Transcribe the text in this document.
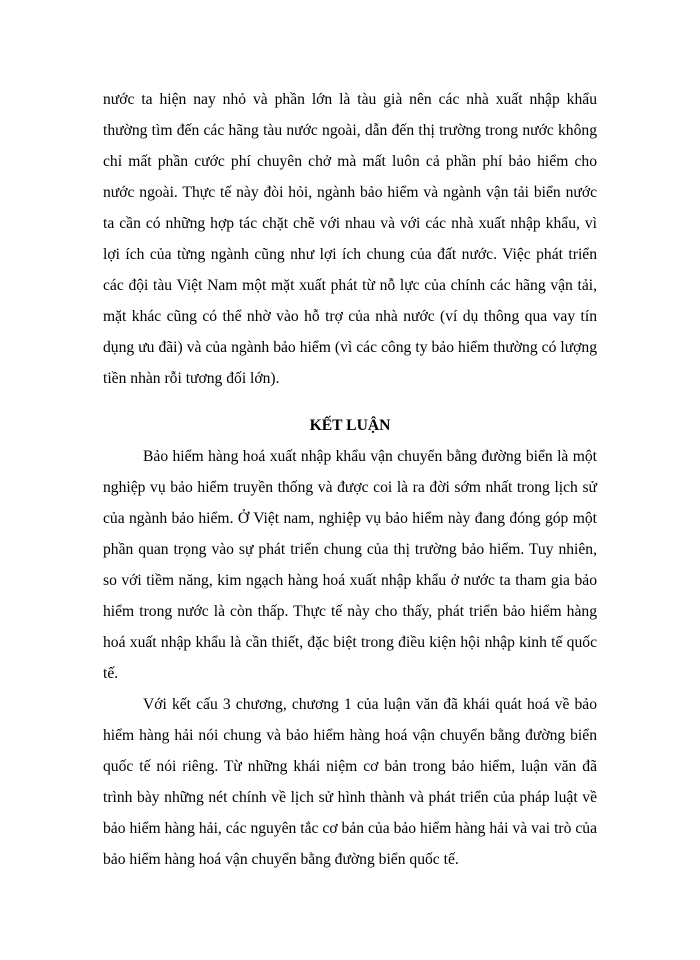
nước ta hiện nay nhỏ và phần lớn là tàu già nên các nhà xuất nhập khẩu thường tìm đến các hãng tàu nước ngoài, dẫn đến thị trường trong nước không chỉ mất phần cước phí chuyên chở mà mất luôn cả phần phí bảo hiểm cho nước ngoài. Thực tế này đòi hỏi, ngành bảo hiểm và ngành vận tải biển nước ta cần có những hợp tác chặt chẽ với nhau và với các nhà xuất nhập khẩu, vì lợi ích của từng ngành cũng như lợi ích chung của đất nước. Việc phát triển các đội tàu Việt Nam một mặt xuất phát từ nỗ lực của chính các hãng vận tải, mặt khác cũng có thể nhờ vào hỗ trợ của nhà nước (ví dụ thông qua vay tín dụng ưu đãi) và của ngành bảo hiểm (vì các công ty bảo hiểm thường có lượng tiền nhàn rỗi tương đối lớn).

KẾT LUẬN

Bảo hiểm hàng hoá xuất nhập khẩu vận chuyển bằng đường biển là một nghiệp vụ bảo hiểm truyền thống và được coi là ra đời sớm nhất trong lịch sử của ngành bảo hiểm. Ở Việt nam, nghiệp vụ bảo hiểm này đang đóng góp một phần quan trọng vào sự phát triển chung của thị trường bảo hiểm. Tuy nhiên, so với tiềm năng, kim ngạch hàng hoá xuất nhập khẩu ở nước ta tham gia bảo hiểm trong nước là còn thấp. Thực tế này cho thấy, phát triển bảo hiểm hàng hoá xuất nhập khẩu là cần thiết, đặc biệt trong điều kiện hội nhập kinh tế quốc tế.

Với kết cấu 3 chương, chương 1 của luận văn đã khái quát hoá về bảo hiểm hàng hải nói chung và bảo hiểm hàng hoá vận chuyển bằng đường biển quốc tế nói riêng. Từ những khái niệm cơ bản trong bảo hiểm, luận văn đã trình bày những nét chính về lịch sử hình thành và phát triển của pháp luật về bảo hiểm hàng hải, các nguyên tắc cơ bản của bảo hiểm hàng hải và vai trò của bảo hiểm hàng hoá vận chuyển bằng đường biển quốc tế.
